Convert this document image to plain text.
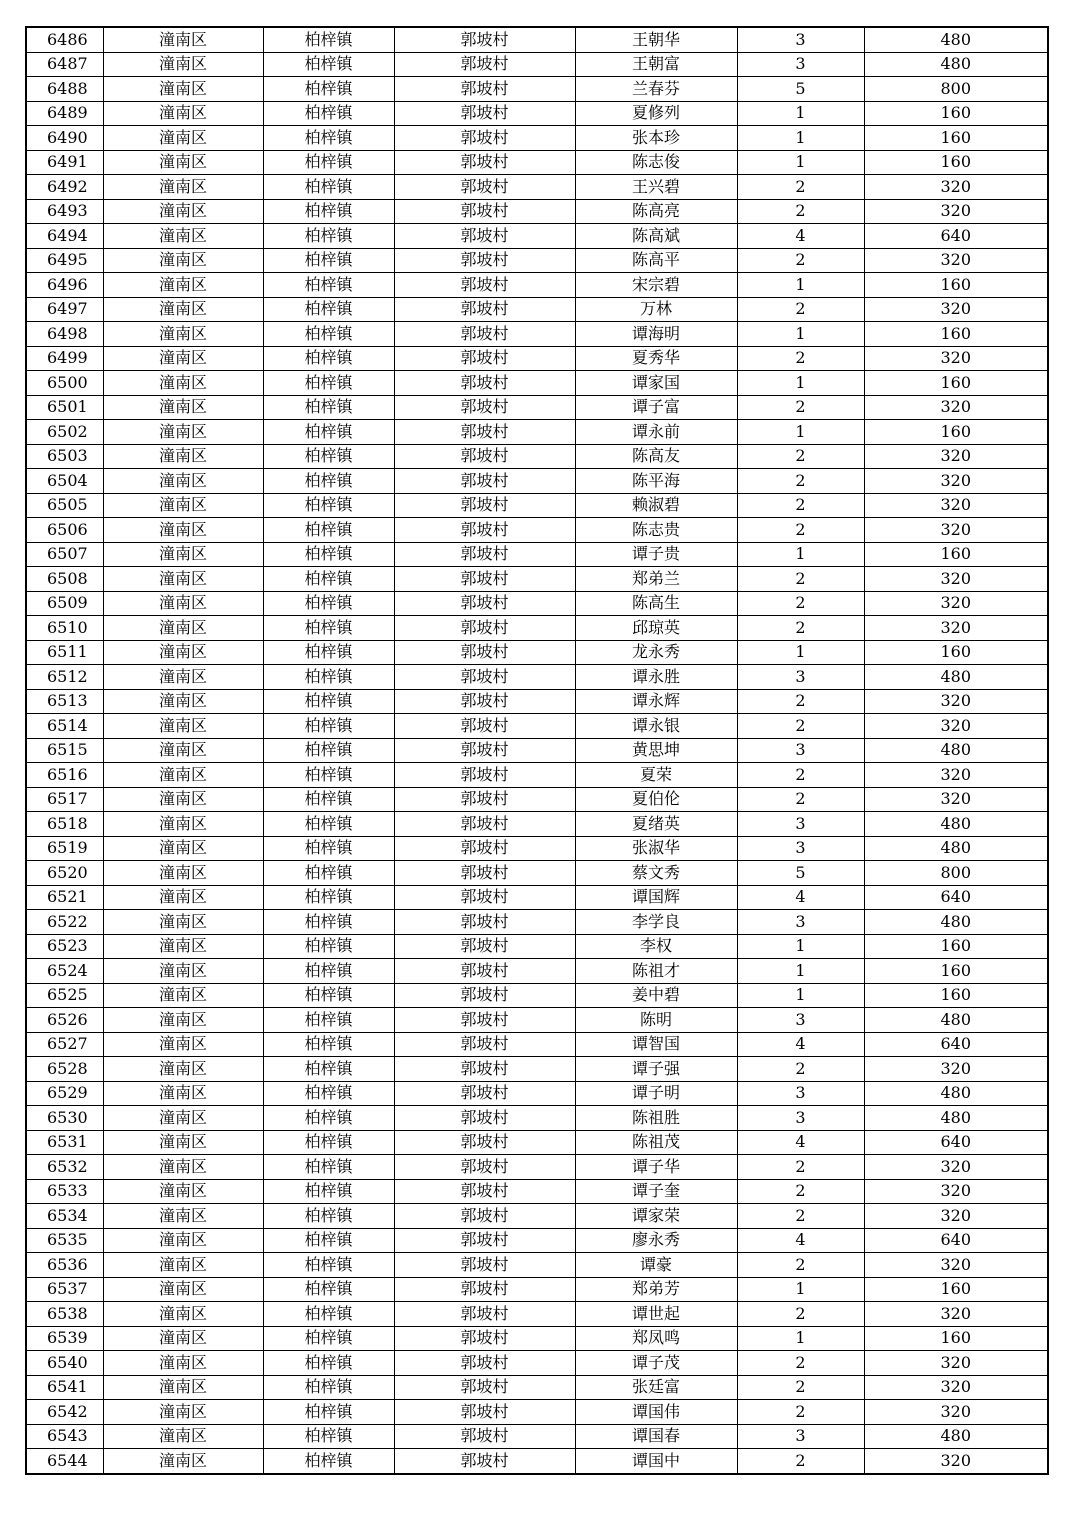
6486	潼南区	柏梓镇	郭坡村	王朝华	3	480
6487	潼南区	柏梓镇	郭坡村	王朝富	3	480
6488	潼南区	柏梓镇	郭坡村	兰春芬	5	800
6489	潼南区	柏梓镇	郭坡村	夏修列	1	160
6490	潼南区	柏梓镇	郭坡村	张本珍	1	160
6491	潼南区	柏梓镇	郭坡村	陈志俊	1	160
6492	潼南区	柏梓镇	郭坡村	王兴碧	2	320
6493	潼南区	柏梓镇	郭坡村	陈高亮	2	320
6494	潼南区	柏梓镇	郭坡村	陈高斌	4	640
6495	潼南区	柏梓镇	郭坡村	陈高平	2	320
6496	潼南区	柏梓镇	郭坡村	宋宗碧	1	160
6497	潼南区	柏梓镇	郭坡村	万林	2	320
6498	潼南区	柏梓镇	郭坡村	谭海明	1	160
6499	潼南区	柏梓镇	郭坡村	夏秀华	2	320
6500	潼南区	柏梓镇	郭坡村	谭家国	1	160
6501	潼南区	柏梓镇	郭坡村	谭子富	2	320
6502	潼南区	柏梓镇	郭坡村	谭永前	1	160
6503	潼南区	柏梓镇	郭坡村	陈高友	2	320
6504	潼南区	柏梓镇	郭坡村	陈平海	2	320
6505	潼南区	柏梓镇	郭坡村	赖淑碧	2	320
6506	潼南区	柏梓镇	郭坡村	陈志贵	2	320
6507	潼南区	柏梓镇	郭坡村	谭子贵	1	160
6508	潼南区	柏梓镇	郭坡村	郑弟兰	2	320
6509	潼南区	柏梓镇	郭坡村	陈高生	2	320
6510	潼南区	柏梓镇	郭坡村	邱琼英	2	320
6511	潼南区	柏梓镇	郭坡村	龙永秀	1	160
6512	潼南区	柏梓镇	郭坡村	谭永胜	3	480
6513	潼南区	柏梓镇	郭坡村	谭永辉	2	320
6514	潼南区	柏梓镇	郭坡村	谭永银	2	320
6515	潼南区	柏梓镇	郭坡村	黄思坤	3	480
6516	潼南区	柏梓镇	郭坡村	夏荣	2	320
6517	潼南区	柏梓镇	郭坡村	夏伯伦	2	320
6518	潼南区	柏梓镇	郭坡村	夏绪英	3	480
6519	潼南区	柏梓镇	郭坡村	张淑华	3	480
6520	潼南区	柏梓镇	郭坡村	蔡文秀	5	800
6521	潼南区	柏梓镇	郭坡村	谭国辉	4	640
6522	潼南区	柏梓镇	郭坡村	李学良	3	480
6523	潼南区	柏梓镇	郭坡村	李权	1	160
6524	潼南区	柏梓镇	郭坡村	陈祖才	1	160
6525	潼南区	柏梓镇	郭坡村	姜中碧	1	160
6526	潼南区	柏梓镇	郭坡村	陈明	3	480
6527	潼南区	柏梓镇	郭坡村	谭智国	4	640
6528	潼南区	柏梓镇	郭坡村	谭子强	2	320
6529	潼南区	柏梓镇	郭坡村	谭子明	3	480
6530	潼南区	柏梓镇	郭坡村	陈祖胜	3	480
6531	潼南区	柏梓镇	郭坡村	陈祖茂	4	640
6532	潼南区	柏梓镇	郭坡村	谭子华	2	320
6533	潼南区	柏梓镇	郭坡村	谭子奎	2	320
6534	潼南区	柏梓镇	郭坡村	谭家荣	2	320
6535	潼南区	柏梓镇	郭坡村	廖永秀	4	640
6536	潼南区	柏梓镇	郭坡村	谭豪	2	320
6537	潼南区	柏梓镇	郭坡村	郑弟芳	1	160
6538	潼南区	柏梓镇	郭坡村	谭世起	2	320
6539	潼南区	柏梓镇	郭坡村	郑凤鸣	1	160
6540	潼南区	柏梓镇	郭坡村	谭子茂	2	320
6541	潼南区	柏梓镇	郭坡村	张廷富	2	320
6542	潼南区	柏梓镇	郭坡村	谭国伟	2	320
6543	潼南区	柏梓镇	郭坡村	谭国春	3	480
6544	潼南区	柏梓镇	郭坡村	谭国中	2	320
